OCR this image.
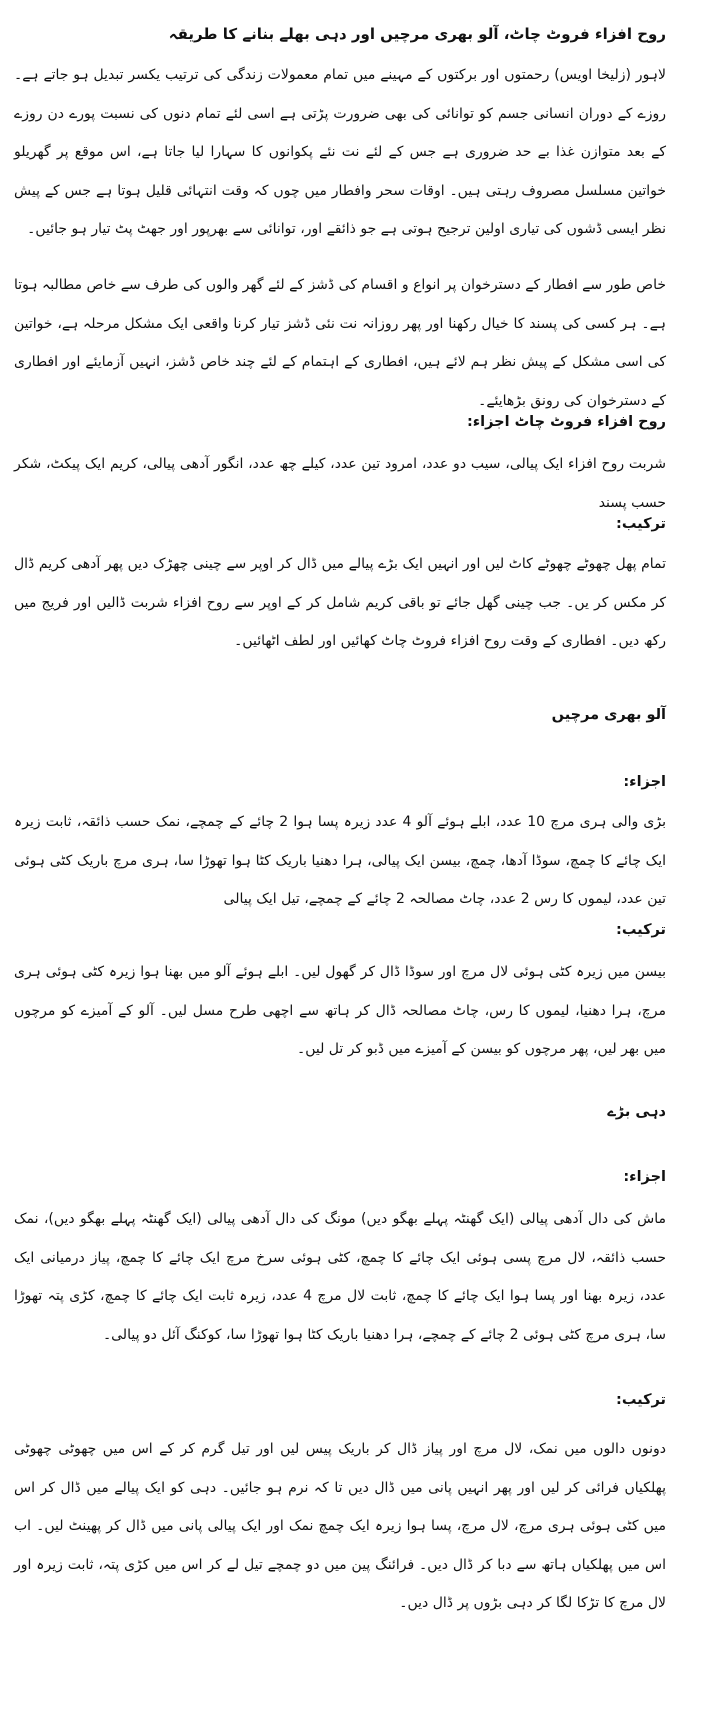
روح افزاء فروٹ چاٹ، آلو بھری مرچیں اور دہی بھلے بنانے کا طریقہ

لاہور (زلیخا اویس) رحمتوں اور برکتوں کے مہینے میں تمام معمولات زندگی کی ترتیب یکسر تبدیل ہو جاتے ہے۔ روزے کے دوران انسانی جسم کو توانائی کی بھی ضرورت پڑتی ہے اسی لئے تمام دنوں کی نسبت پورے دن روزے کے بعد متوازن غذا بے حد ضروری ہے جس کے لئے نت نئے پکوانوں کا سہارا لیا جاتا ہے، اس موقع پر گھریلو خواتین مسلسل مصروف رہتی ہیں۔ اوقات سحر وافطار میں چوں کہ وقت انتہائی قلیل ہوتا ہے جس کے پیش نظر ایسی ڈشوں کی تیاری اولین ترجیح ہوتی ہے جو ذائقے اور، توانائی سے بھرپور اور جھٹ پٹ تیار ہو جائیں۔

خاص طور سے افطار کے دسترخوان پر انواع و اقسام کی ڈشز کے لئے گھر والوں کی طرف سے خاص مطالبہ ہوتا ہے۔ ہر کسی کی پسند کا خیال رکھنا اور پھر روزانہ نت نئی ڈشز تیار کرنا واقعی ایک مشکل مرحلہ ہے، خواتین کی اسی مشکل کے پیش نظر ہم لائے ہیں، افطاری کے اہتمام کے لئے چند خاص ڈشز، انہیں آزمایئے اور افطاری کے دسترخوان کی رونق بڑھایئے۔

روح افزاء فروٹ چاٹ اجزاء:

شربت روح افزاء ایک پیالی، سیب دو عدد، امرود تین عدد، کیلے چھ عدد، انگور آدھی پیالی، کریم ایک پیکٹ، شکر حسب پسند

ترکیب:

تمام پھل چھوٹے چھوٹے کاٹ لیں اور انہیں ایک بڑے پیالے میں ڈال کر اوپر سے چینی چھڑک دیں پھر آدھی کریم ڈال کر مکس کر یں۔ جب چینی گھل جائے تو باقی کریم شامل کر کے اوپر سے روح افزاء شربت ڈالیں اور فریج میں رکھ دیں۔ افطاری کے وقت روح افزاء فروٹ چاٹ کھائیں اور لطف اٹھائیں۔

آلو بھری مرچیں
اجزاء:

بڑی والی ہری مرچ 10 عدد، ابلے ہوئے آلو 4 عدد زیرہ پسا ہوا 2 چائے کے چمچے، نمک حسب ذائقہ، ثابت زیرہ ایک چائے کا چمچ، سوڈا آدھا، چمچ، بیسن ایک پیالی، ہرا دھنیا باریک کٹا ہوا تھوڑا سا، ہری مرچ باریک کٹی ہوئی تین عدد، لیموں کا رس 2 عدد، چاٹ مصالحہ 2 چائے کے چمچے، تیل ایک پیالی

ترکیب:

بیسن میں زیرہ کٹی ہوئی لال مرچ اور سوڈا ڈال کر گھول لیں۔ ابلے ہوئے آلو میں بھنا ہوا زیرہ کٹی ہوئی ہری مرچ، ہرا دھنیا، لیموں کا رس، چاٹ مصالحہ ڈال کر ہاتھ سے اچھی طرح مسل لیں۔ آلو کے آمیزے کو مرچوں میں بھر لیں، پھر مرچوں کو بیسن کے آمیزے میں ڈبو کر تل لیں۔

دہی بڑے
اجزاء:

ماش کی دال آدھی پیالی (ایک گھنٹہ پہلے بھگو دیں) مونگ کی دال آدھی پیالی (ایک گھنٹہ پہلے بھگو دیں)، نمک حسب ذائقہ، لال مرچ پسی ہوئی ایک چائے کا چمچ، کٹی ہوئی سرخ مرچ ایک چائے کا چمچ، پیاز درمیانی ایک عدد، زیرہ بھنا اور پسا ہوا ایک چائے کا چمچ، ثابت لال مرچ 4 عدد، زیرہ ثابت ایک چائے کا چمچ، کڑی پتہ تھوڑا سا، ہری مرچ کٹی ہوئی 2 چائے کے چمچے، ہرا دھنیا باریک کٹا ہوا تھوڑا سا، کوکنگ آئل دو پیالی۔

ترکیب:

دونوں دالوں میں نمک، لال مرچ اور پیاز ڈال کر باریک پیس لیں اور تیل گرم کر کے اس میں چھوٹی چھوٹی پھلکیاں فرائی کر لیں اور پھر انہیں پانی میں ڈال دیں تا کہ نرم ہو جائیں۔ دہی کو ایک پیالے میں ڈال کر اس میں کٹی ہوئی ہری مرچ، لال مرچ، پسا ہوا زیرہ ایک چمچ نمک اور ایک پیالی پانی میں ڈال کر پھینٹ لیں۔ اب اس میں پھلکیاں ہاتھ سے دبا کر ڈال دیں۔ فرائنگ پین میں دو چمچے تیل لے کر اس میں کڑی پتہ، ثابت زیرہ اور لال مرچ کا تڑکا لگا کر دہی بڑوں پر ڈال دیں۔
